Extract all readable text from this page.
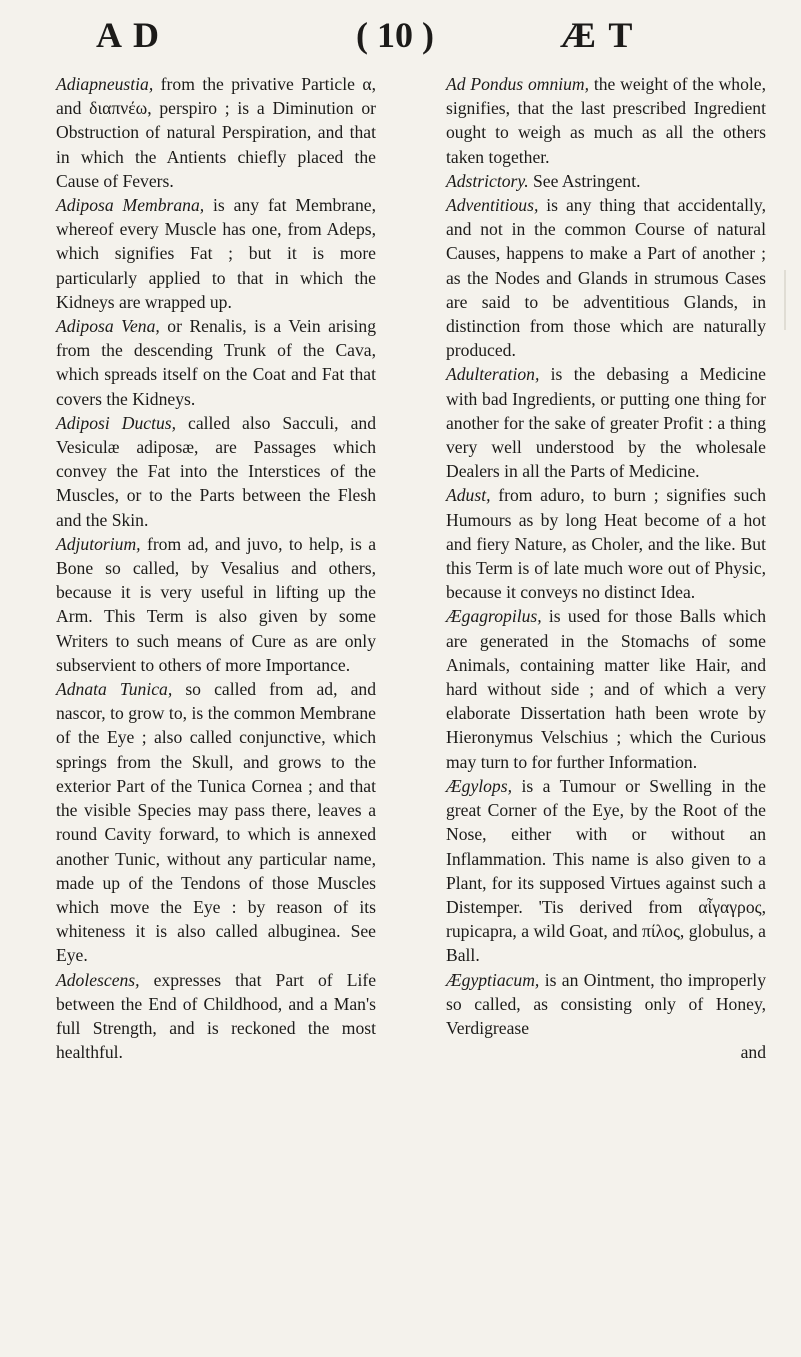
A D	( 10 )	Æ T

Adiapneustia, from the privative Particle α, and διαπνέω, perspiro ; is a Diminution or Obstruction of natural Perspiration, and that in which the Antients chiefly placed the Cause of Fevers.

Adiposa Membrana, is any fat Membrane, whereof every Muscle has one, from Adeps, which signifies Fat ; but it is more particularly applied to that in which the Kidneys are wrapped up.

Adiposa Vena, or Renalis, is a Vein arising from the descending Trunk of the Cava, which spreads itself on the Coat and Fat that covers the Kidneys.

Adiposi Ductus, called also Sacculi, and Vesiculæ adiposæ, are Passages which convey the Fat into the Interstices of the Muscles, or to the Parts between the Flesh and the Skin.

Adjutorium, from ad, and juvo, to help, is a Bone so called, by Vesalius and others, because it is very useful in lifting up the Arm. This Term is also given by some Writers to such means of Cure as are only subservient to others of more Importance.

Adnata Tunica, so called from ad, and nascor, to grow to, is the common Membrane of the Eye ; also called conjunctive, which springs from the Skull, and grows to the exterior Part of the Tunica Cornea ; and that the visible Species may pass there, leaves a round Cavity forward, to which is annexed another Tunic, without any particular name, made up of the Tendons of those Muscles which move the Eye : by reason of its whiteness it is also called albuginea. See Eye.

Adolescens, expresses that Part of Life between the End of Childhood, and a Man's full Strength, and is reckoned the most healthful.

Ad Pondus omnium, the weight of the whole, signifies, that the last prescribed Ingredient ought to weigh as much as all the others taken together.

Adstrictory. See Astringent.

Adventitious, is any thing that accidentally, and not in the common Course of natural Causes, happens to make a Part of another ; as the Nodes and Glands in strumous Cases are said to be adventitious Glands, in distinction from those which are naturally produced.

Adulteration, is the debasing a Medicine with bad Ingredients, or putting one thing for another for the sake of greater Profit : a thing very well understood by the wholesale Dealers in all the Parts of Medicine.

Adust, from aduro, to burn ; signifies such Humours as by long Heat become of a hot and fiery Nature, as Choler, and the like. But this Term is of late much wore out of Physic, because it conveys no distinct Idea.

Ægagropilus, is used for those Balls which are generated in the Stomachs of some Animals, containing matter like Hair, and hard without side ; and of which a very elaborate Dissertation hath been wrote by Hieronymus Velschius ; which the Curious may turn to for further Information.

Ægylops, is a Tumour or Swelling in the great Corner of the Eye, by the Root of the Nose, either with or without an Inflammation. This name is also given to a Plant, for its supposed Virtues against such a Distemper. 'Tis derived from αἶγαγρος, rupicapra, a wild Goat, and πίλος, globulus, a Ball.

Ægyptiacum, is an Ointment, tho improperly so called, as consisting only of Honey, Verdigrease

and
